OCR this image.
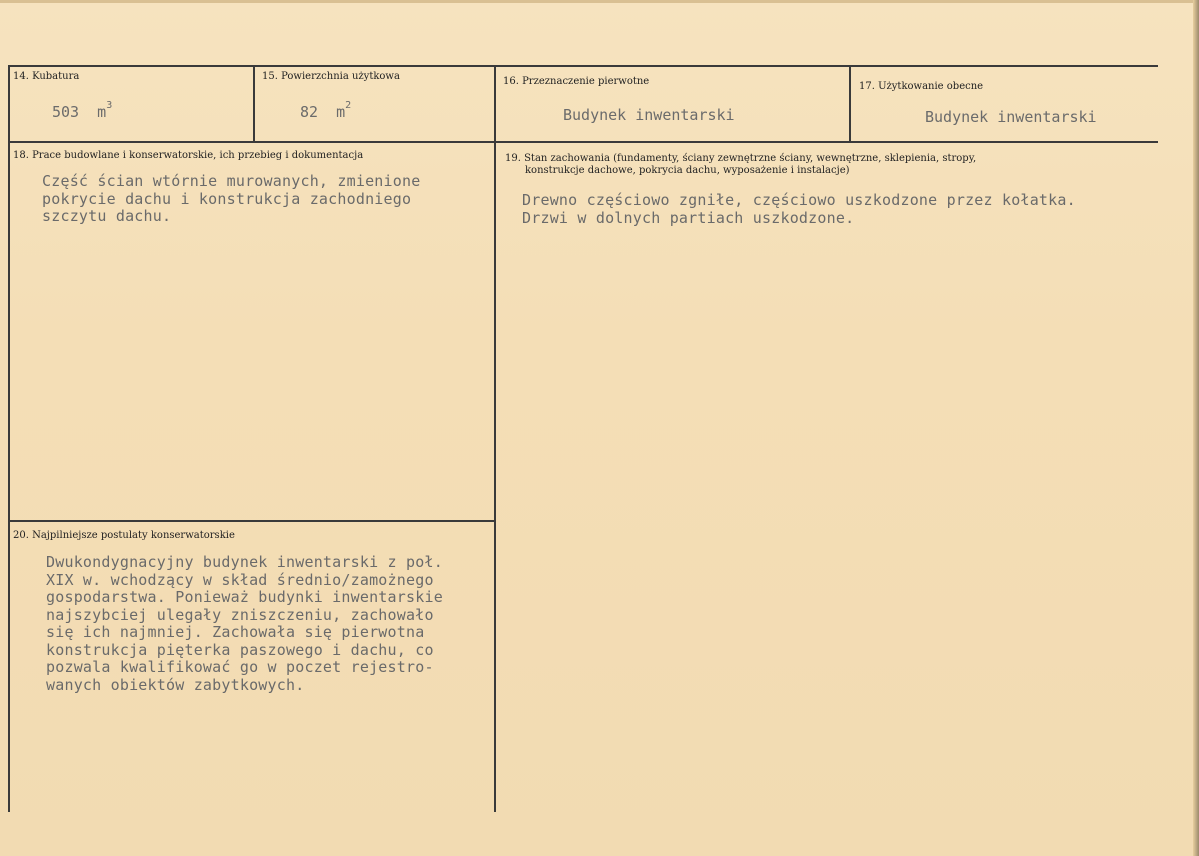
14. Kubatura
503 $m^3$
15. Powierzchnia użytkowa
82 $m^2$
16. Przeznaczenie pierwotne
Budynek inwentarski
17. Użytkowanie obecne
Budynek inwentarski
18. Prace budowlane i konserwatorskie, ich przebieg i dokumentacja
Część ścian wtórnie murowanych, zmienione
pokrycie dachu i konstrukcja zachodniego
szczytu dachu.
19. Stan zachowania (fundamenty, ściany zewnętrzne ściany, wewnętrzne, sklepienia, stropy,
konstrukcje dachowe, pokrycia dachu, wyposażenie i instalacje)
Drewno częściowo zgniłe, częściowo uszkodzone przez kołatka.
Drzwi w dolnych partiach uszkodzone.
20. Najpilniejsze postulaty konserwatorskie
Dwukondygnacyjny budynek inwentarski z poł.
XIX w. wchodzący w skład średnio/zamożnego
gospodarstwa. Ponieważ budynki inwentarskie
najszybciej ulegały zniszczeniu, zachowało
się ich najmniej. Zachowała się pierwotna
konstrukcja pięterka paszowego i dachu, co
pozwala kwalifikować go w poczet rejestro-
wanych obiektów zabytkowych.
